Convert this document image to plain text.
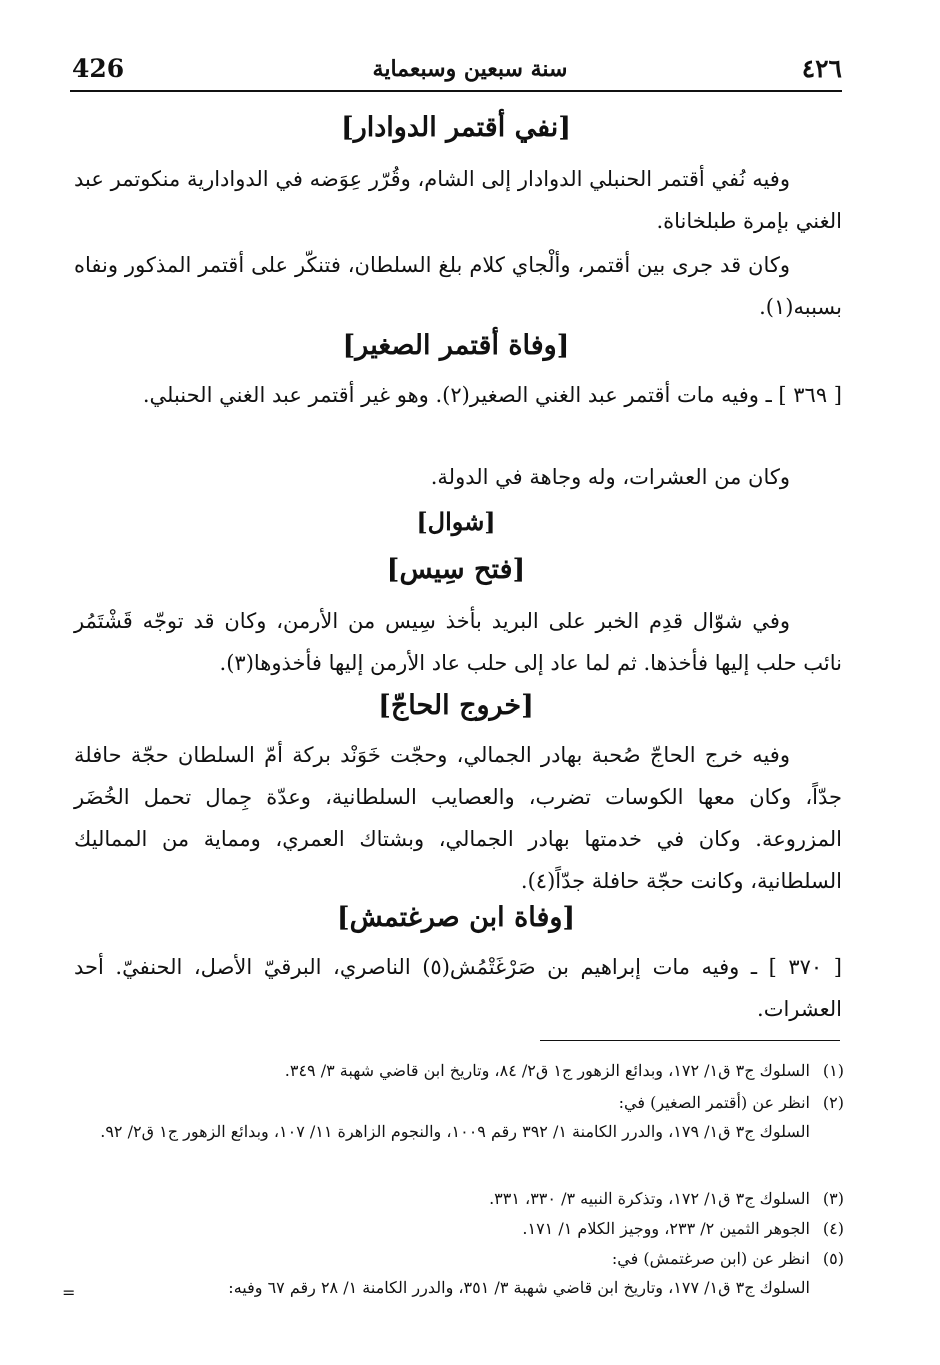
426	سنة سبعين وسبعماية	٤٢٦
[نفي أقتمر الدوادار]
وفيه نُفي أقتمر الحنبلي الدوادار إلى الشام، وقُرّر عِوَضه في الدوادارية منكوتمر عبد الغني بإمرة طبلخاناة.
وكان قد جرى بين أقتمر، وألْجاي كلام بلغ السلطان، فتنكّر على أقتمر المذكور ونفاه بسببه(١).
[وفاة أقتمر الصغير]
[ ٣٦٩ ] ـ وفيه مات أقتمر عبد الغني الصغير(٢). وهو غير أقتمر عبد الغني الحنبلي.
وكان من العشرات، وله وجاهة في الدولة.
[شوال]
[فتح سِيس]
وفي شوّال قدِم الخبر على البريد بأخذ سِيس من الأرمن، وكان قد توجّه قَشْتَمُر نائب حلب إليها فأخذها. ثم لما عاد إلى حلب عاد الأرمن إليها فأخذوها(٣).
[خروج الحاجّ]
وفيه خرج الحاجّ صُحبة بهادر الجمالي، وحجّت خَوَنْد بركة أمّ السلطان حجّة حافلة جدّاً، وكان معها الكوسات تضرب، والعصايب السلطانية، وعدّة جِمال تحمل الخُضَر المزروعة. وكان في خدمتها بهادر الجمالي، وبشتاك العمري، ومماية من المماليك السلطانية، وكانت حجّة حافلة جدّاً(٤).
[وفاة ابن صرغتمش]
[ ٣٧٠ ] ـ وفيه مات إبراهيم بن صَرْغَتْمُش(٥) الناصري، البرقيّ الأصل، الحنفيّ. أحد العشرات.
(١)السلوك ج٣ ق١/ ١٧٢، وبدائع الزهور ج١ ق٢/ ٨٤، وتاريخ ابن قاضي شهبة ٣/ ٣٤٩.
(٢)انظر عن (أقتمر الصغير) في:
السلوك ج٣ ق١/ ١٧٩، والدرر الكامنة ١/ ٣٩٢ رقم ١٠٠٩، والنجوم الزاهرة ١١/ ١٠٧، وبدائع الزهور ج١ ق٢/ ٩٢.
(٣)السلوك ج٣ ق١/ ١٧٢، وتذكرة النبيه ٣/ ٣٣٠، ٣٣١.
(٤)الجوهر الثمين ٢/ ٢٣٣، ووجيز الكلام ١/ ١٧١.
(٥)انظر عن (ابن صرغتمش) في:
السلوك ج٣ ق١/ ١٧٧، وتاريخ ابن قاضي شهبة ٣/ ٣٥١، والدرر الكامنة ١/ ٢٨ رقم ٦٧ وفيه:
=
